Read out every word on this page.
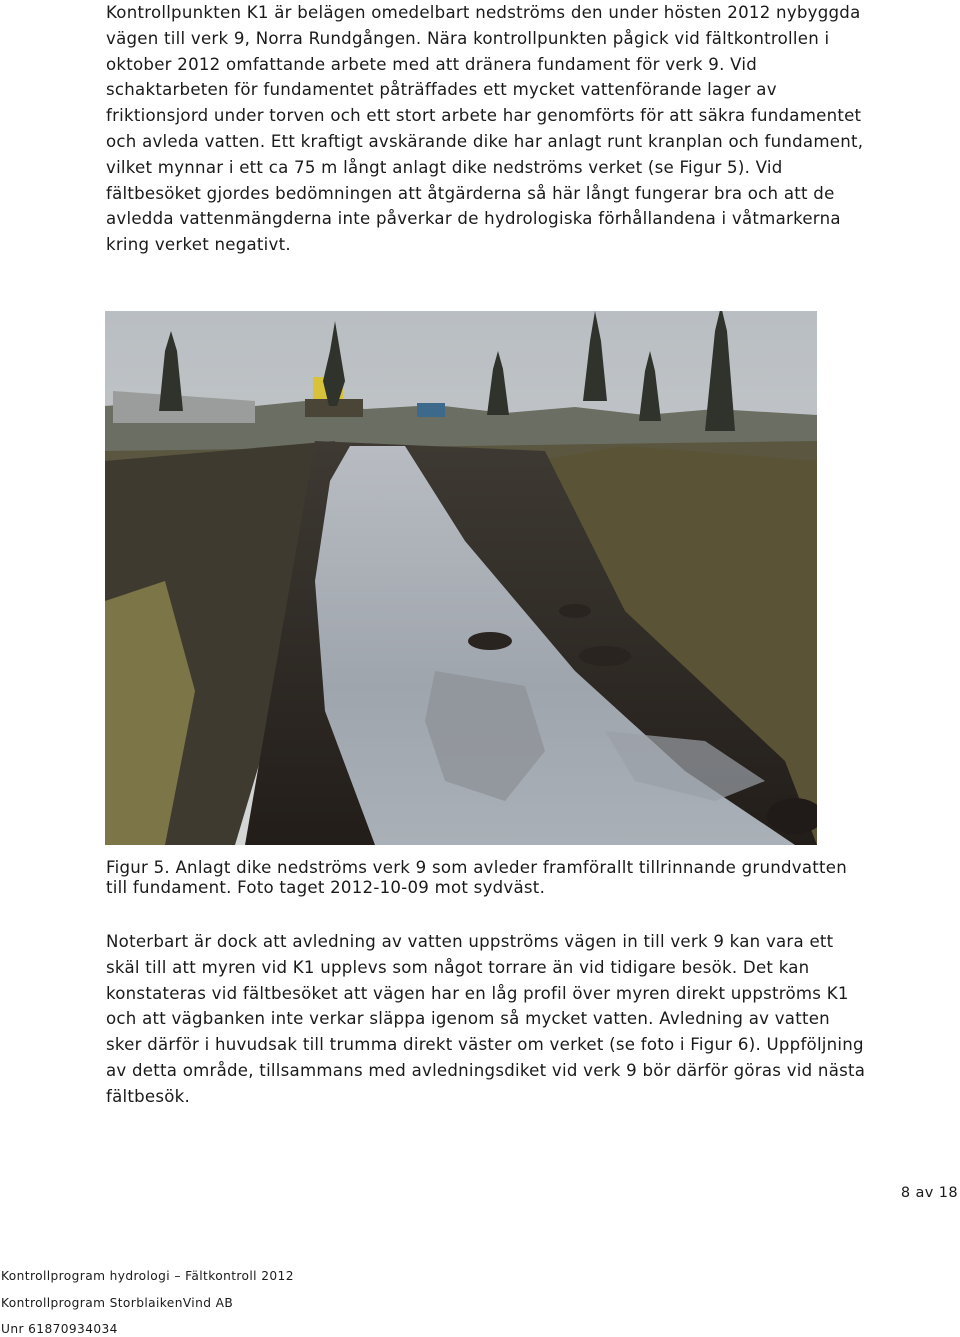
Kontrollpunkten K1 är belägen omedelbart nedströms den under hösten 2012 nybyggda vägen till verk 9, Norra Rundgången. Nära kontrollpunkten pågick vid fältkontrollen i oktober 2012 omfattande arbete med att dränera fundament för verk 9. Vid schaktarbeten för fundamentet påträffades ett mycket vattenförande lager av friktionsjord under torven och ett stort arbete har genomförts för att säkra fundamentet och avleda vatten. Ett kraftigt avskärande dike har anlagt runt kranplan och fundament, vilket mynnar i ett ca 75 m långt anlagt dike nedströms verket (se Figur 5). Vid fältbesöket gjordes bedömningen att åtgärderna så här långt fungerar bra och att de avledda vattenmängderna inte påverkar de hydrologiska förhållandena i våtmarkerna kring verket negativt.

Figur 5. Anlagt dike nedströms verk 9 som avleder framförallt tillrinnande grundvatten till fundament. Foto taget 2012-10-09 mot sydväst.

Noterbart är dock att avledning av vatten uppströms vägen in till verk 9 kan vara ett skäl till att myren vid K1 upplevs som något torrare än vid tidigare besök. Det kan konstateras vid fältbesöket att vägen har en låg profil över myren direkt uppströms K1 och att vägbanken inte verkar släppa igenom så mycket vatten. Avledning av vatten sker därför i huvudsak till trumma direkt väster om verket (se foto i Figur 6). Uppföljning av detta område, tillsammans med avledningsdiket vid verk 9 bör därför göras vid nästa fältbesök.

8 av 18
Kontrollprogram hydrologi – Fältkontroll 2012
Kontrollprogram StorblaikenVind AB
Unr 61870934034
